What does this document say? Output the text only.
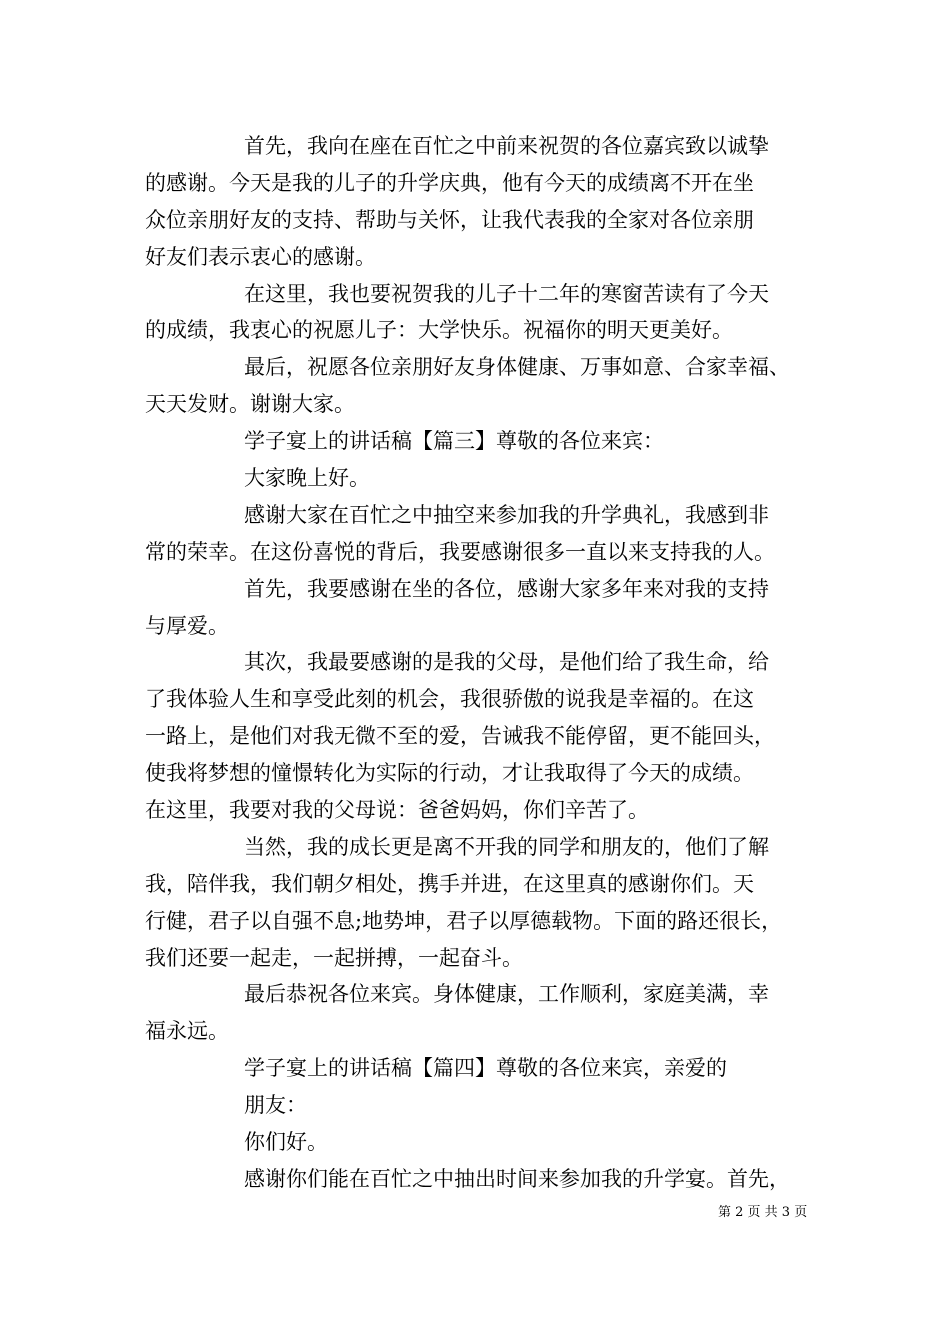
首先，我向在座在百忙之中前来祝贺的各位嘉宾致以诚挚
的感谢。今天是我的儿子的升学庆典，他有今天的成绩离不开在坐
众位亲朋好友的支持、帮助与关怀，让我代表我的全家对各位亲朋
好友们表示衷心的感谢。
在这里，我也要祝贺我的儿子十二年的寒窗苦读有了今天
的成绩，我衷心的祝愿儿子：大学快乐。祝福你的明天更美好。
最后，祝愿各位亲朋好友身体健康、万事如意、合家幸福、
天天发财。谢谢大家。
学子宴上的讲话稿【篇三】尊敬的各位来宾：
大家晚上好。
感谢大家在百忙之中抽空来参加我的升学典礼，我感到非
常的荣幸。在这份喜悦的背后，我要感谢很多一直以来支持我的人。
首先，我要感谢在坐的各位，感谢大家多年来对我的支持
与厚爱。
其次，我最要感谢的是我的父母，是他们给了我生命，给
了我体验人生和享受此刻的机会，我很骄傲的说我是幸福的。在这
一路上，是他们对我无微不至的爱，告诫我不能停留，更不能回头，
使我将梦想的憧憬转化为实际的行动，才让我取得了今天的成绩。
在这里，我要对我的父母说：爸爸妈妈，你们辛苦了。
当然，我的成长更是离不开我的同学和朋友的，他们了解
我，陪伴我，我们朝夕相处，携手并进，在这里真的感谢你们。天
行健，君子以自强不息;地势坤，君子以厚德载物。下面的路还很长，
我们还要一起走，一起拼搏，一起奋斗。
最后恭祝各位来宾。身体健康，工作顺利，家庭美满，幸
福永远。
学子宴上的讲话稿【篇四】尊敬的各位来宾，亲爱的
朋友：
你们好。
感谢你们能在百忙之中抽出时间来参加我的升学宴。首先，
第 2 页 共 3 页
